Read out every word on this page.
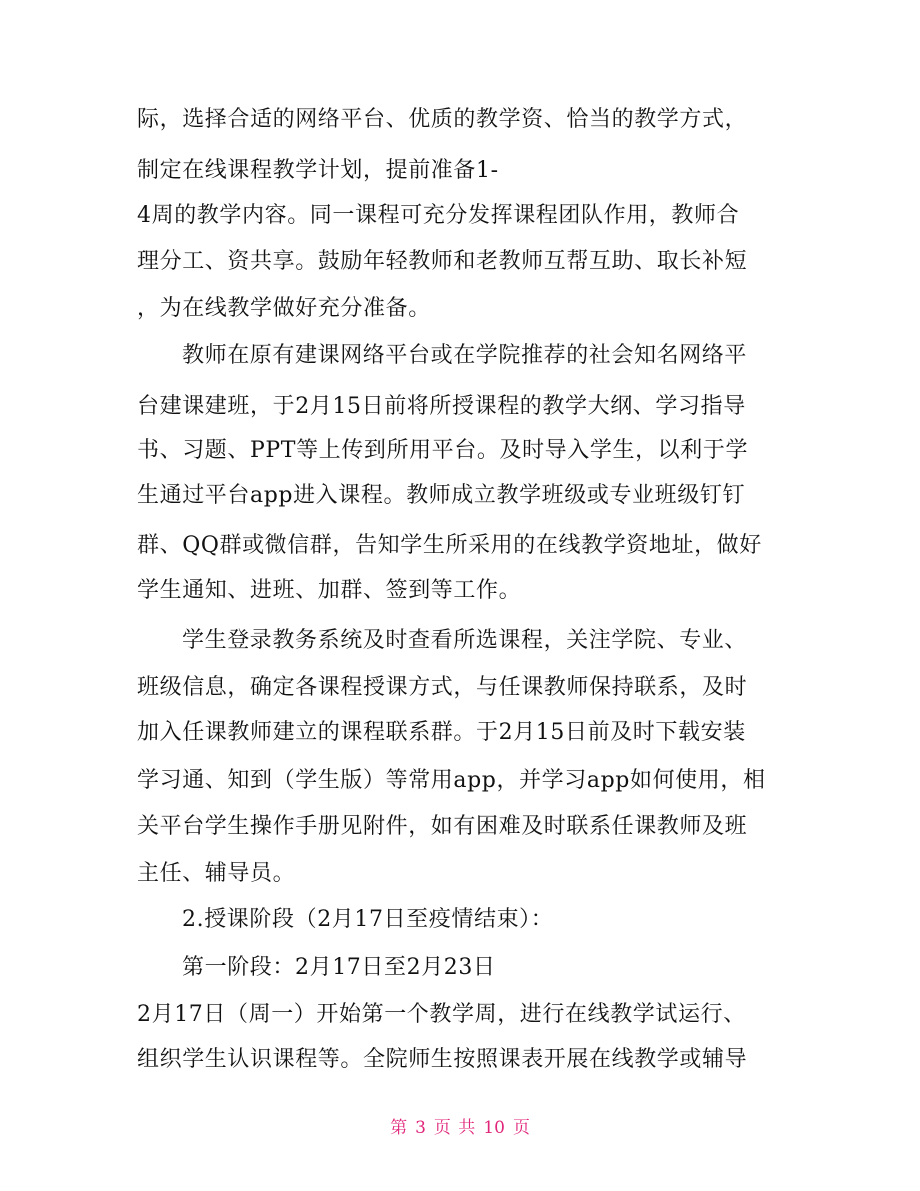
际，选择合适的网络平台、优质的教学资、恰当的教学方式，
制定在线课程教学计划，提前准备1-
4周的教学内容。同一课程可充分发挥课程团队作用，教师合
理分工、资共享。鼓励年轻教师和老教师互帮互助、取长补短
，为在线教学做好充分准备。
教师在原有建课网络平台或在学院推荐的社会知名网络平
台建课建班，于2月15日前将所授课程的教学大纲、学习指导
书、习题、PPT等上传到所用平台。及时导入学生，以利于学
生通过平台app进入课程。教师成立教学班级或专业班级钉钉
群、QQ群或微信群，告知学生所采用的在线教学资地址，做好
学生通知、进班、加群、签到等工作。
学生登录教务系统及时查看所选课程，关注学院、专业、
班级信息，确定各课程授课方式，与任课教师保持联系，及时
加入任课教师建立的课程联系群。于2月15日前及时下载安装
学习通、知到（学生版）等常用app，并学习app如何使用，相
关平台学生操作手册见附件，如有困难及时联系任课教师及班
主任、辅导员。
2.授课阶段（2月17日至疫情结束）：
第一阶段：2月17日至2月23日
2月17日（周一）开始第一个教学周，进行在线教学试运行、
组织学生认识课程等。全院师生按照课表开展在线教学或辅导
第 3 页 共 10 页
